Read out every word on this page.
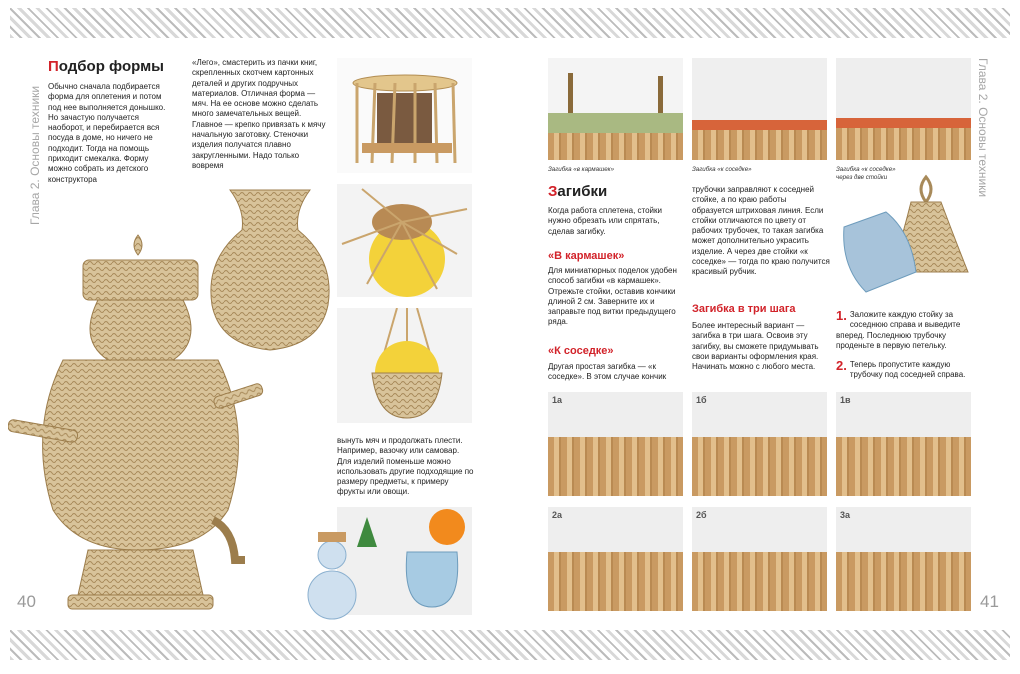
Глава 2. Основы техники
40
Подбор формы
Обычно сначала подбирается форма для оплетения и потом под нее выполняется донышко. Но зачастую получается наоборот, и перебирается вся посуда в доме, но ничего не подходит. Тогда на помощь приходит смекалка. Форму можно собрать из детского конструктора
«Лего», смастерить из пачки книг, скрепленных скотчем картонных деталей и других подручных материалов. Отличная форма — мяч. На ее основе можно сделать много замечательных вещей. Главное — крепко привязать к мячу начальную заготовку. Стеночки изделия получатся плавно закругленными. Надо только вовремя
вынуть мяч и продолжать плести. Например, вазочку или самовар. Для изделий поменьше можно использовать другие подходящие по размеру предметы, к примеру фрукты или овощи.
Глава 2. Основы техники
41
Загибка «в кармашек»	Загибка «к соседке»	Загибка «к соседке» через две стойки
Загибки
Когда работа сплетена, стойки нужно обрезать или спрятать, сделав загибку.
«В кармашек»
Для миниатюрных поделок удобен способ загибки «в кармашек». Отрежьте стойки, оставив кончики длиной 2 см. Заверните их и заправьте под витки предыдущего ряда.
«К соседке»
Другая простая загибка — «к соседке». В этом случае кончик
трубочки заправляют к соседней стойке, а по краю работы образуется штриховая линия. Если стойки отличаются по цвету от рабочих трубочек, то такая загибка может дополнительно украсить изделие. А через две стойки «к соседке» — тогда по краю получится красивый рубчик.
Загибка в три шага
Более интересный вариант — загибка в три шага. Освоив эту загибку, вы сможете придумывать свои варианты оформления края. Начинать можно с любого места.
1. Заложите каждую стойку за соседнюю справа и выведите вперед. Последнюю трубочку проденьте в первую петельку.
2. Теперь пропустите каждую трубочку под соседней справа.
1а	1б	1в
2а	2б	3а
